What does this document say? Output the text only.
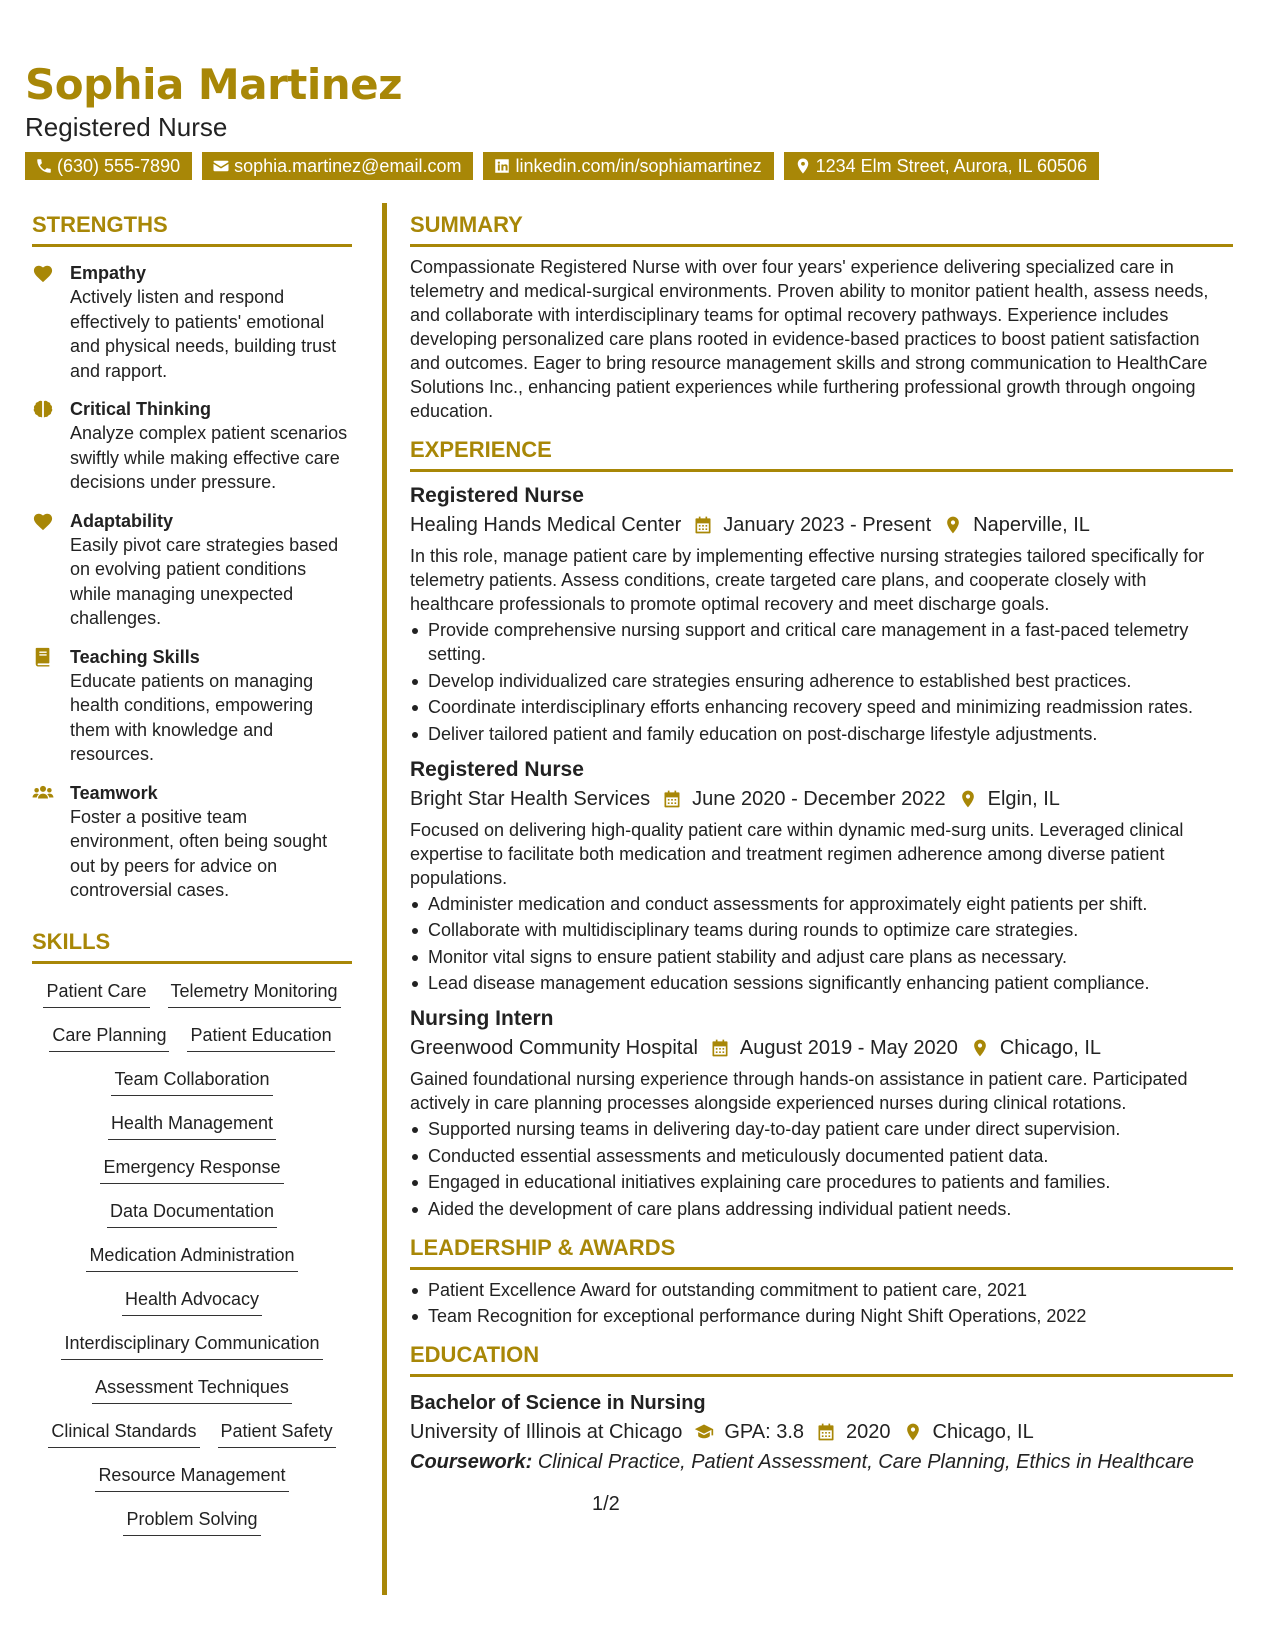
Sophia Martinez
Registered Nurse
(630) 555-7890	sophia.martinez@email.com	linkedin.com/in/sophiamartinez	1234 Elm Street, Aurora, IL 60506
STRENGTHS
Empathy
Actively listen and respond effectively to patients' emotional and physical needs, building trust and rapport.
Critical Thinking
Analyze complex patient scenarios swiftly while making effective care decisions under pressure.
Adaptability
Easily pivot care strategies based on evolving patient conditions while managing unexpected challenges.
Teaching Skills
Educate patients on managing health conditions, empowering them with knowledge and resources.
Teamwork
Foster a positive team environment, often being sought out by peers for advice on controversial cases.
SKILLS
Patient Care Telemetry Monitoring
Care Planning Patient Education
Team Collaboration
Health Management
Emergency Response
Data Documentation
Medication Administration
Health Advocacy
Interdisciplinary Communication
Assessment Techniques
Clinical Standards Patient Safety
Resource Management
Problem Solving
SUMMARY
Compassionate Registered Nurse with over four years' experience delivering specialized care in telemetry and medical-surgical environments. Proven ability to monitor patient health, assess needs, and collaborate with interdisciplinary teams for optimal recovery pathways. Experience includes developing personalized care plans rooted in evidence-based practices to boost patient satisfaction and outcomes. Eager to bring resource management skills and strong communication to HealthCare Solutions Inc., enhancing patient experiences while furthering professional growth through ongoing education.
EXPERIENCE
Registered Nurse
Healing Hands Medical Center January 2023 - Present Naperville, IL
In this role, manage patient care by implementing effective nursing strategies tailored specifically for telemetry patients. Assess conditions, create targeted care plans, and cooperate closely with healthcare professionals to promote optimal recovery and meet discharge goals.
Provide comprehensive nursing support and critical care management in a fast-paced telemetry setting.
Develop individualized care strategies ensuring adherence to established best practices.
Coordinate interdisciplinary efforts enhancing recovery speed and minimizing readmission rates.
Deliver tailored patient and family education on post-discharge lifestyle adjustments.
Registered Nurse
Bright Star Health Services June 2020 - December 2022 Elgin, IL
Focused on delivering high-quality patient care within dynamic med-surg units. Leveraged clinical expertise to facilitate both medication and treatment regimen adherence among diverse patient populations.
Administer medication and conduct assessments for approximately eight patients per shift.
Collaborate with multidisciplinary teams during rounds to optimize care strategies.
Monitor vital signs to ensure patient stability and adjust care plans as necessary.
Lead disease management education sessions significantly enhancing patient compliance.
Nursing Intern
Greenwood Community Hospital August 2019 - May 2020 Chicago, IL
Gained foundational nursing experience through hands-on assistance in patient care. Participated actively in care planning processes alongside experienced nurses during clinical rotations.
Supported nursing teams in delivering day-to-day patient care under direct supervision.
Conducted essential assessments and meticulously documented patient data.
Engaged in educational initiatives explaining care procedures to patients and families.
Aided the development of care plans addressing individual patient needs.
LEADERSHIP & AWARDS
Patient Excellence Award for outstanding commitment to patient care, 2021
Team Recognition for exceptional performance during Night Shift Operations, 2022
EDUCATION
Bachelor of Science in Nursing
University of Illinois at Chicago GPA: 3.8 2020 Chicago, IL
Coursework: Clinical Practice, Patient Assessment, Care Planning, Ethics in Healthcare
1/2
